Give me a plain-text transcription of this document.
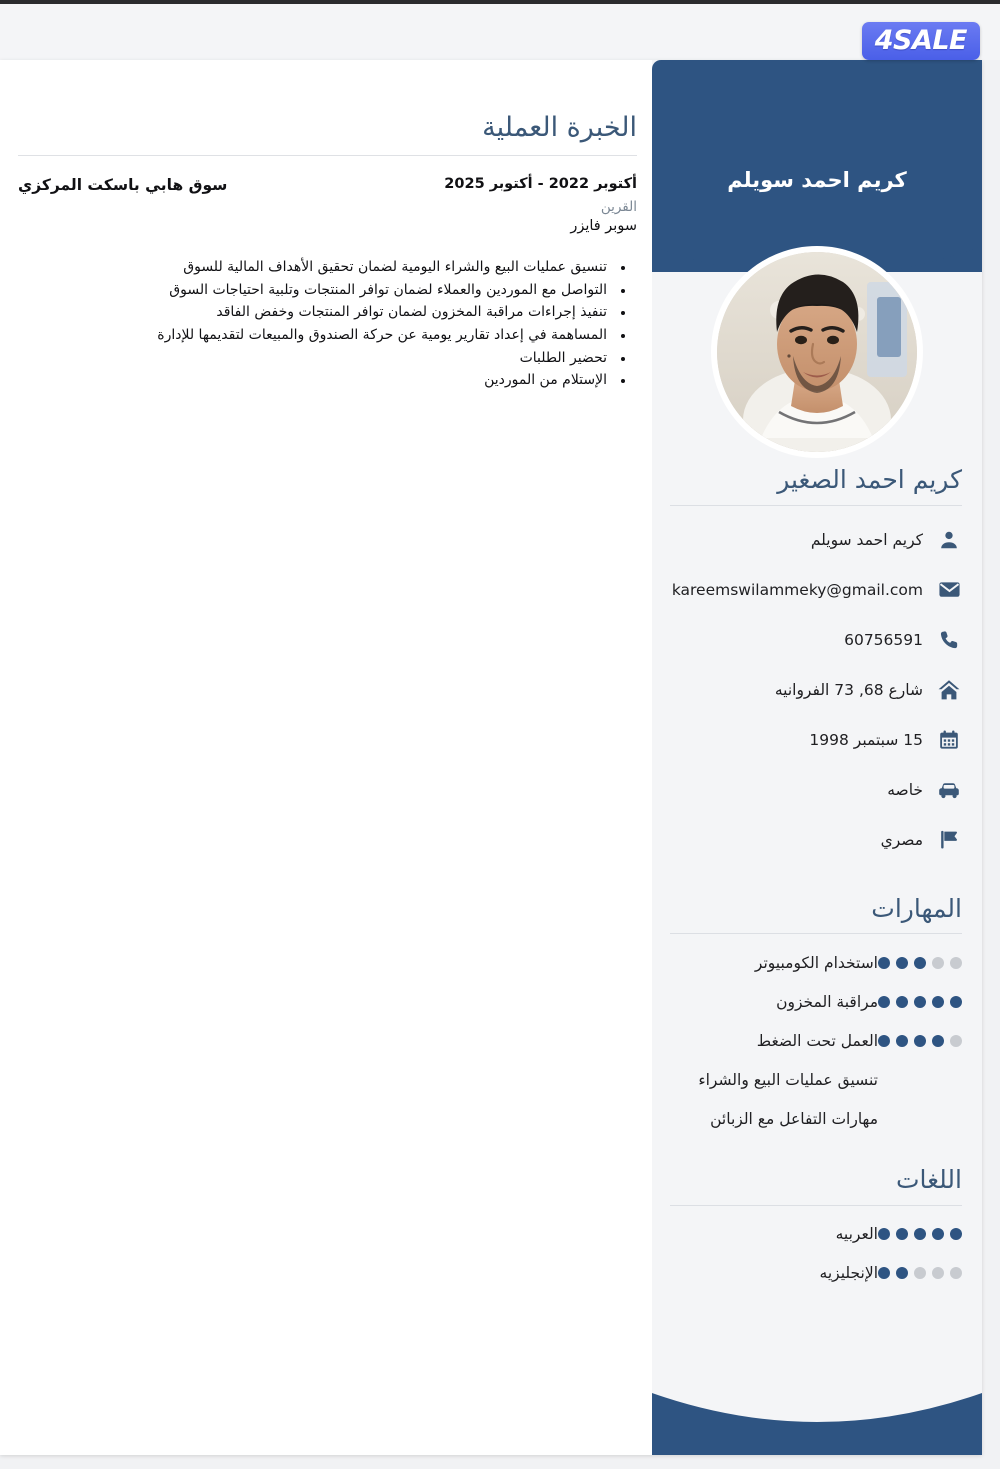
4SALE
الخبرة العملية
سوق هابي باسكت المركزي	أكتوبر 2022 - أكتوبر 2025
القرين
سوبر فايزر
• تنسيق عمليات البيع والشراء اليومية لضمان تحقيق الأهداف المالية للسوق
• التواصل مع الموردين والعملاء لضمان توافر المنتجات وتلبية احتياجات السوق
• تنفيذ إجراءات مراقبة المخزون لضمان توافر المنتجات وخفض الفاقد
• المساهمة في إعداد تقارير يومية عن حركة الصندوق والمبيعات لتقديمها للإدارة
• تحضير الطلبات
• الإستلام من الموردين
كريم احمد سويلم
كريم احمد الصغير
كريم احمد سويلم
kareemswilammeky@gmail.com
60756591
شارع 68, 73 الفروانيه
15 سبتمبر 1998
خاصه
مصري
المهارات
استخدام الكومبيوتر
مراقبة المخزون
العمل تحت الضغط
تنسيق عمليات البيع والشراء
مهارات التفاعل مع الزبائن
اللغات
العربيه
الإنجليزيه
